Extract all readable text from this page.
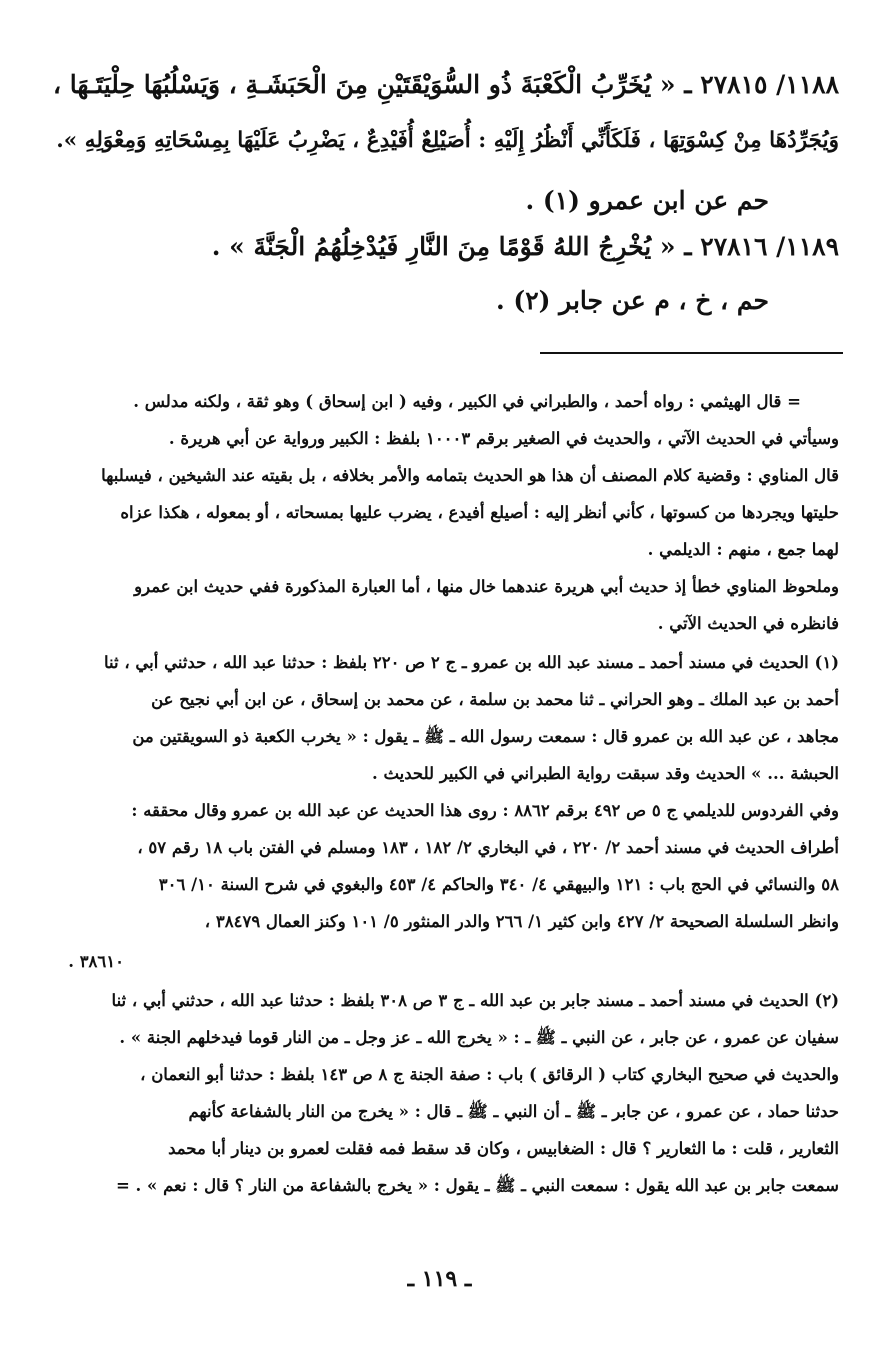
١١٨٨/ ٢٧٨١٥ ـ « يُخَرِّبُ الْكَعْبَةَ ذُو السُّوَيْقَتَيْنِ مِنَ الْحَبَشَـةِ ، وَيَسْلُبُهَا حِلْيَتَـهَا ،
وَيُجَرِّدُهَا مِنْ كِسْوَتِهَا ، فَلَكَأَنِّي أَنْظُرُ إِلَيْهِ : أُصَيْلِعٌ أُفَيْدِعٌ ، يَضْرِبُ عَلَيْهَا بِمِسْحَاتِهِ وَمِعْوَلِهِ ».
حم عن ابن عمرو (١) .
١١٨٩/ ٢٧٨١٦ ـ « يُخْرِجُ اللهُ قَوْمًا مِنَ النَّارِ فَيُدْخِلُهُمُ الْجَنَّةَ » .
حم ، خ ، م عن جابر (٢) .
= قال الهيثمي : رواه أحمد ، والطبراني في الكبير ، وفيه ( ابن إسحاق ) وهو ثقة ، ولكنه مدلس .
وسيأتي في الحديث الآتي ، والحديث في الصغير برقم ١٠٠٠٣ بلفظ : الكبير ورواية عن أبي هريرة .
قال المناوي : وقضية كلام المصنف أن هذا هو الحديث بتمامه والأمر بخلافه ، بل بقيته عند الشيخين ، فيسلبها
حليتها ويجردها من كسوتها ، كأني أنظر إليه : أصيلع أفيدع ، يضرب عليها بمسحاته ، أو بمعوله ، هكذا عزاه
لهما جمع ، منهم : الديلمي .
وملحوظ المناوي خطأ إذ حديث أبي هريرة عندهما خال منها ، أما العبارة المذكورة ففي حديث ابن عمرو
فانظره في الحديث الآتي .
(١) الحديث في مسند أحمد ـ مسند عبد الله بن عمرو ـ ج ٢ ص ٢٢٠ بلفظ : حدثنا عبد الله ، حدثني أبي ، ثنا
أحمد بن عبد الملك ـ وهو الحراني ـ ثنا محمد بن سلمة ، عن محمد بن إسحاق ، عن ابن أبي نجيح عن
مجاهد ، عن عبد الله بن عمرو قال : سمعت رسول الله ـ ﷺ ـ يقول : « يخرب الكعبة ذو السويقتين من
الحبشة ... » الحديث وقد سبقت رواية الطبراني في الكبير للحديث .
وفي الفردوس للديلمي ج ٥ ص ٤٩٢ برقم ٨٨٦٢ : روى هذا الحديث عن عبد الله بن عمرو وقال محققه :
أطراف الحديث في مسند أحمد ٢/ ٢٢٠ ، في البخاري ٢/ ١٨٢ ، ١٨٣ ومسلم في الفتن باب ١٨ رقم ٥٧ ،
٥٨ والنسائي في الحج باب : ١٢١ والبيهقي ٤/ ٣٤٠ والحاكم ٤/ ٤٥٣ والبغوي في شرح السنة ١٠/ ٣٠٦
وانظر السلسلة الصحيحة ٢/ ٤٢٧ وابن كثير ١/ ٢٦٦ والدر المنثور ٥/ ١٠١ وكنز العمال ٣٨٤٧٩ ،
٣٨٦١٠ .
(٢) الحديث في مسند أحمد ـ مسند جابر بن عبد الله ـ ج ٣ ص ٣٠٨ بلفظ : حدثنا عبد الله ، حدثني أبي ، ثنا
سفيان عن عمرو ، عن جابر ، عن النبي ـ ﷺ ـ : « يخرج الله ـ عز وجل ـ من النار قوما فيدخلهم الجنة » .
والحديث في صحيح البخاري كتاب ( الرقائق ) باب : صفة الجنة ج ٨ ص ١٤٣ بلفظ : حدثنا أبو النعمان ،
حدثنا حماد ، عن عمرو ، عن جابر ـ ﷺ ـ أن النبي ـ ﷺ ـ قال : « يخرج من النار بالشفاعة كأنهم
الثعارير ، قلت : ما الثعارير ؟ قال : الضغابيس ، وكان قد سقط فمه فقلت لعمرو بن دينار أبا محمد
سمعت جابر بن عبد الله يقول : سمعت النبي ـ ﷺ ـ يقول : « يخرج بالشفاعة من النار ؟ قال : نعم » . =
ـ ١١٩ ـ
